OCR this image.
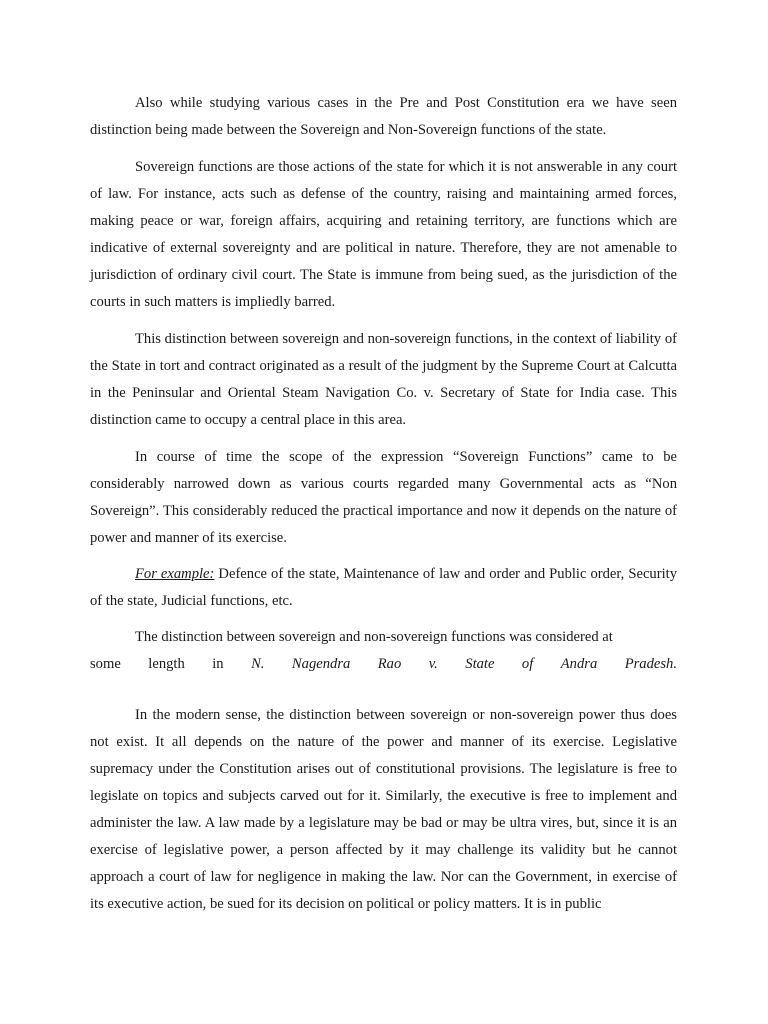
Also while studying various cases in the Pre and Post Constitution era we have seen distinction being made between the Sovereign and Non-Sovereign functions of the state.

Sovereign functions are those actions of the state for which it is not answerable in any court of law. For instance, acts such as defense of the country, raising and maintaining armed forces, making peace or war, foreign affairs, acquiring and retaining territory, are functions which are indicative of external sovereignty and are political in nature. Therefore, they are not amenable to jurisdiction of ordinary civil court. The State is immune from being sued, as the jurisdiction of the courts in such matters is impliedly barred.

This distinction between sovereign and non-sovereign functions, in the context of liability of the State in tort and contract originated as a result of the judgment by the Supreme Court at Calcutta in the Peninsular and Oriental Steam Navigation Co. v. Secretary of State for India case. This distinction came to occupy a central place in this area.

In course of time the scope of the expression “Sovereign Functions” came to be considerably narrowed down as various courts regarded many Governmental acts as “Non Sovereign”. This considerably reduced the practical importance and now it depends on the nature of power and manner of its exercise.

For example: Defence of the state, Maintenance of law and order and Public order, Security of the state, Judicial functions, etc.

The distinction between sovereign and non-sovereign functions was considered at

some length in N. Nagendra Rao v. State of Andra Pradesh.

In the modern sense, the distinction between sovereign or non-sovereign power thus does not exist. It all depends on the nature of the power and manner of its exercise. Legislative supremacy under the Constitution arises out of constitutional provisions. The legislature is free to legislate on topics and subjects carved out for it. Similarly, the executive is free to implement and administer the law. A law made by a legislature may be bad or may be ultra vires, but, since it is an exercise of legislative power, a person affected by it may challenge its validity but he cannot approach a court of law for negligence in making the law. Nor can the Government, in exercise of its executive action, be sued for its decision on political or policy matters. It is in public
